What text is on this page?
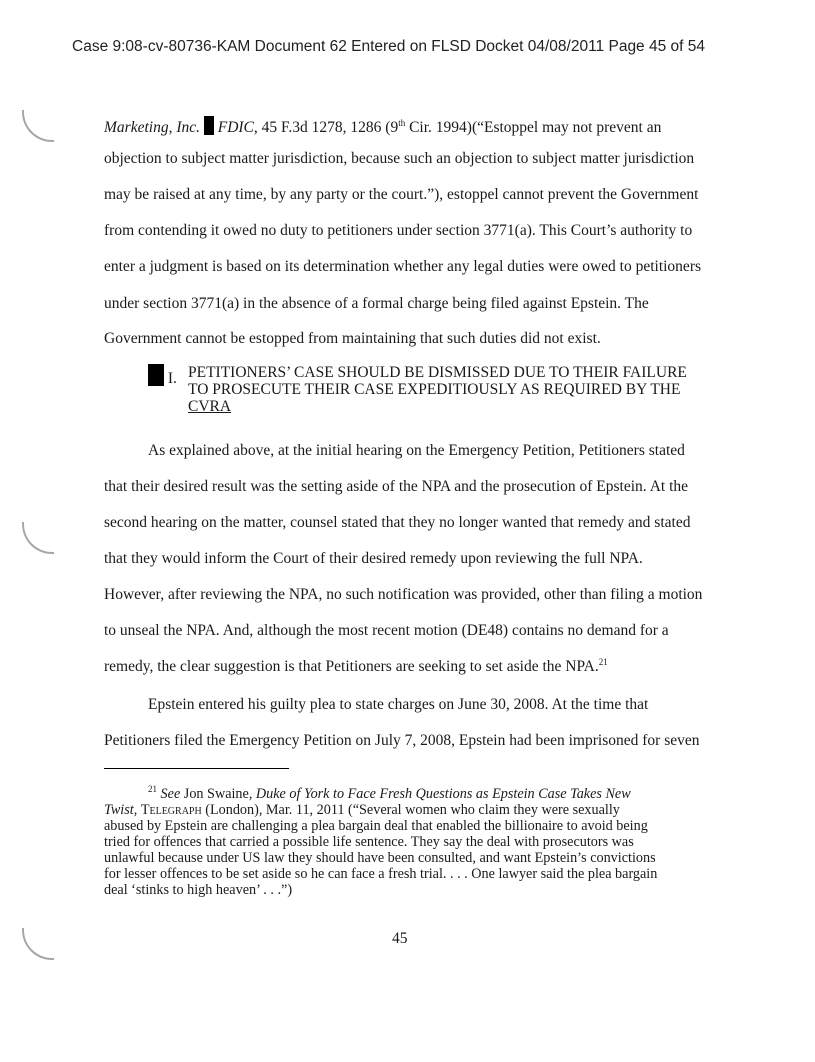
Case 9:08-cv-80736-KAM Document 62 Entered on FLSD Docket 04/08/2011 Page 45 of 54
Marketing, Inc. FDIC, 45 F.3d 1278, 1286 (9th Cir. 1994)(“Estoppel may not prevent an
objection to subject matter jurisdiction, because such an objection to subject matter jurisdiction
may be raised at any time, by any party or the court.”), estoppel cannot prevent the Government
from contending it owed no duty to petitioners under section 3771(a). This Court’s authority to
enter a judgment is based on its determination whether any legal duties were owed to petitioners
under section 3771(a) in the absence of a formal charge being filed against Epstein. The
Government cannot be estopped from maintaining that such duties did not exist.
I. PETITIONERS’ CASE SHOULD BE DISMISSED DUE TO THEIR FAILURE
TO PROSECUTE THEIR CASE EXPEDITIOUSLY AS REQUIRED BY THE
CVRA
As explained above, at the initial hearing on the Emergency Petition, Petitioners stated
that their desired result was the setting aside of the NPA and the prosecution of Epstein. At the
second hearing on the matter, counsel stated that they no longer wanted that remedy and stated
that they would inform the Court of their desired remedy upon reviewing the full NPA.
However, after reviewing the NPA, no such notification was provided, other than filing a motion
to unseal the NPA. And, although the most recent motion (DE48) contains no demand for a
remedy, the clear suggestion is that Petitioners are seeking to set aside the NPA.$^{21}$
Epstein entered his guilty plea to state charges on June 30, 2008. At the time that
Petitioners filed the Emergency Petition on July 7, 2008, Epstein had been imprisoned for seven
$^{21}$ See Jon Swaine, Duke of York to Face Fresh Questions as Epstein Case Takes New
Twist, Telegraph (London), Mar. 11, 2011 (“Several women who claim they were sexually
abused by Epstein are challenging a plea bargain deal that enabled the billionaire to avoid being
tried for offences that carried a possible life sentence. They say the deal with prosecutors was
unlawful because under US law they should have been consulted, and want Epstein’s convictions
for lesser offences to be set aside so he can face a fresh trial. . . . One lawyer said the plea bargain
deal ‘stinks to high heaven’ . . .”)
45
